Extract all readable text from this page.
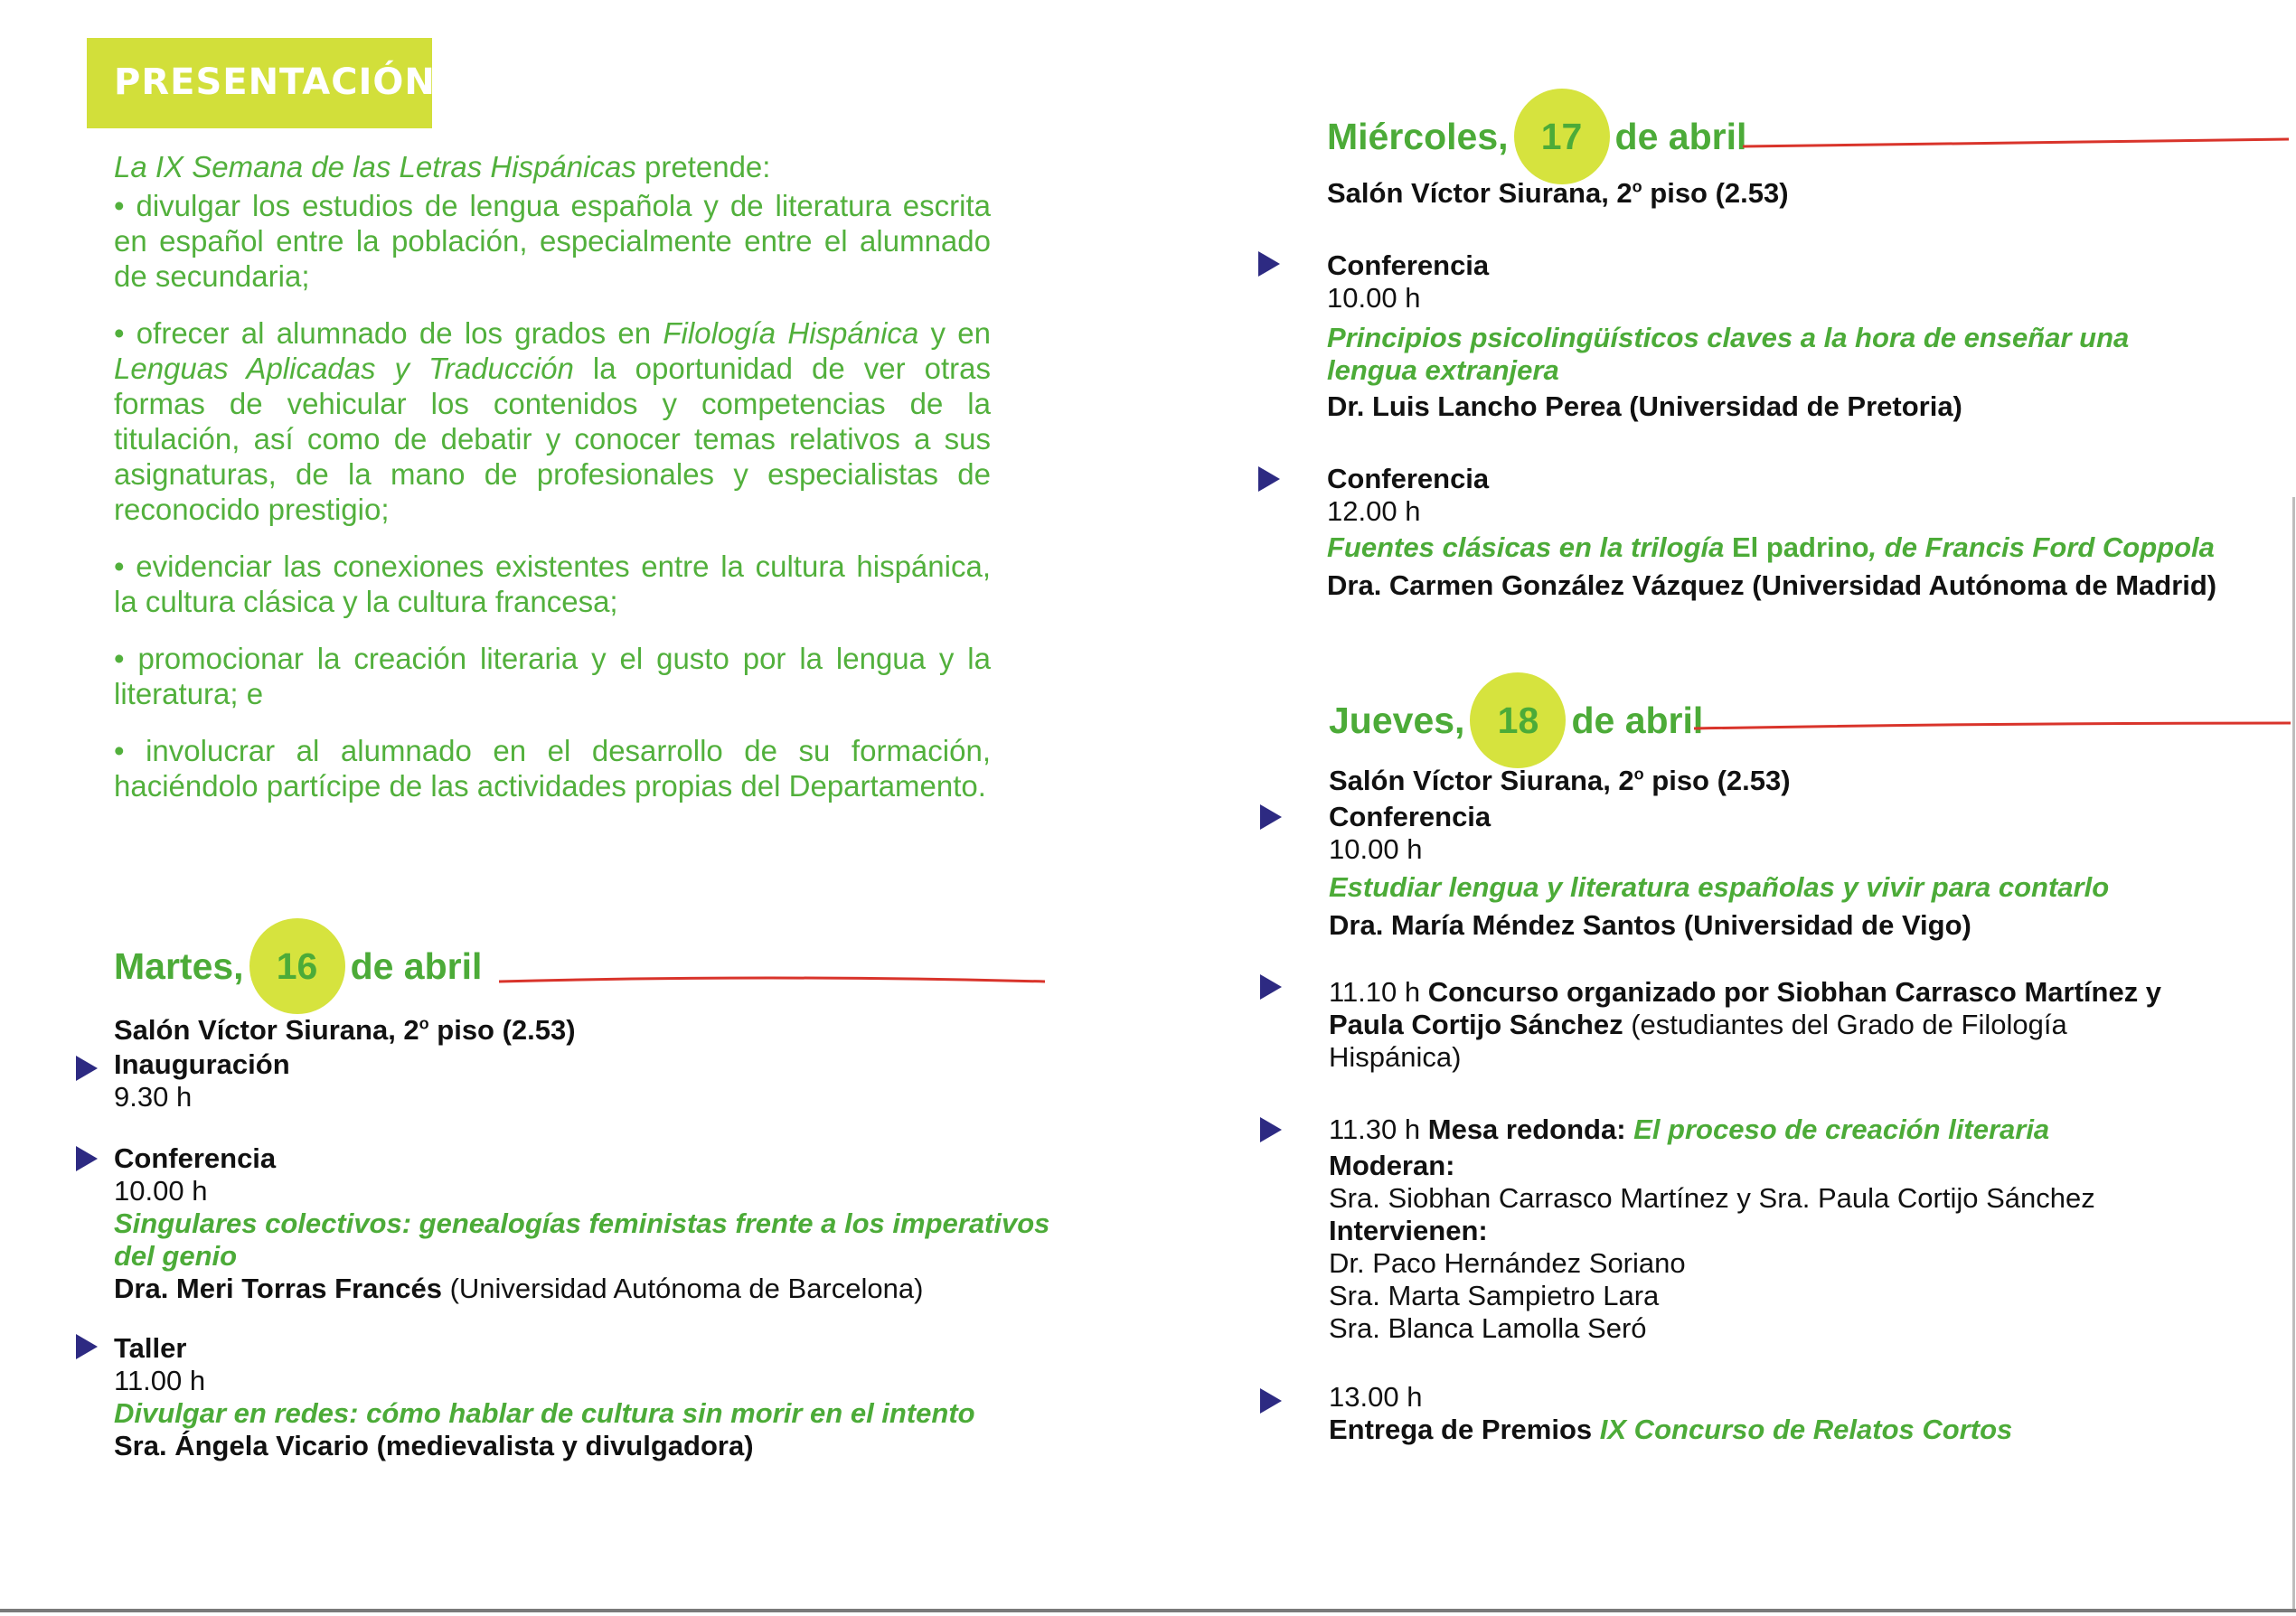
PRESENTACIÓN

La IX Semana de las Letras Hispánicas pretende:

• divulgar los estudios de lengua española y de literatura escrita en español entre la población, especialmente entre el alumnado de secundaria;

• ofrecer al alumnado de los grados en Filología Hispánica y en Lenguas Aplicadas y Traducción la oportunidad de ver otras formas de vehicular los contenidos y competencias de la titulación, así como de debatir y conocer temas relativos a sus asignaturas, de la mano de profesionales y especialistas de reconocido prestigio;

• evidenciar las conexiones existentes entre la cultura hispánica, la cultura clásica y la cultura francesa;

• promocionar la creación literaria y el gusto por la lengua y la literatura; e

• involucrar al alumnado en el desarrollo de su formación, haciéndolo partícipe de las actividades propias del Departamento.

Martes, 16 de abril
Salón Víctor Siurana, 2$^o$ piso (2.53)
Inauguración
9.30 h
Conferencia
10.00 h
Singulares colectivos: genealogías feministas frente a los imperativos
del genio
Dra. Meri Torras Francés (Universidad Autónoma de Barcelona)
Taller
11.00 h
Divulgar en redes: cómo hablar de cultura sin morir en el intento
Sra. Ángela Vicario (medievalista y divulgadora)
Miércoles, 17 de abril
Salón Víctor Siurana, 2$^o$ piso (2.53)
Conferencia
10.00 h
Principios psicolingüísticos claves a la hora de enseñar una
lengua extranjera
Dr. Luis Lancho Perea (Universidad de Pretoria)
Conferencia
12.00 h
Fuentes clásicas en la trilogía El padrino, de Francis Ford Coppola
Dra. Carmen González Vázquez (Universidad Autónoma de Madrid)
Jueves, 18 de abril
Salón Víctor Siurana, 2$^o$ piso (2.53)
Conferencia
10.00 h
Estudiar lengua y literatura españolas y vivir para contarlo
Dra. María Méndez Santos (Universidad de Vigo)
11.10 h Concurso organizado por Siobhan Carrasco Martínez y
Paula Cortijo Sánchez (estudiantes del Grado de Filología
Hispánica)
11.30 h Mesa redonda: El proceso de creación literaria
Moderan:
Sra. Siobhan Carrasco Martínez y Sra. Paula Cortijo Sánchez
Intervienen:
Dr. Paco Hernández Soriano
Sra. Marta Sampietro Lara
Sra. Blanca Lamolla Seró
13.00 h
Entrega de Premios IX Concurso de Relatos Cortos
